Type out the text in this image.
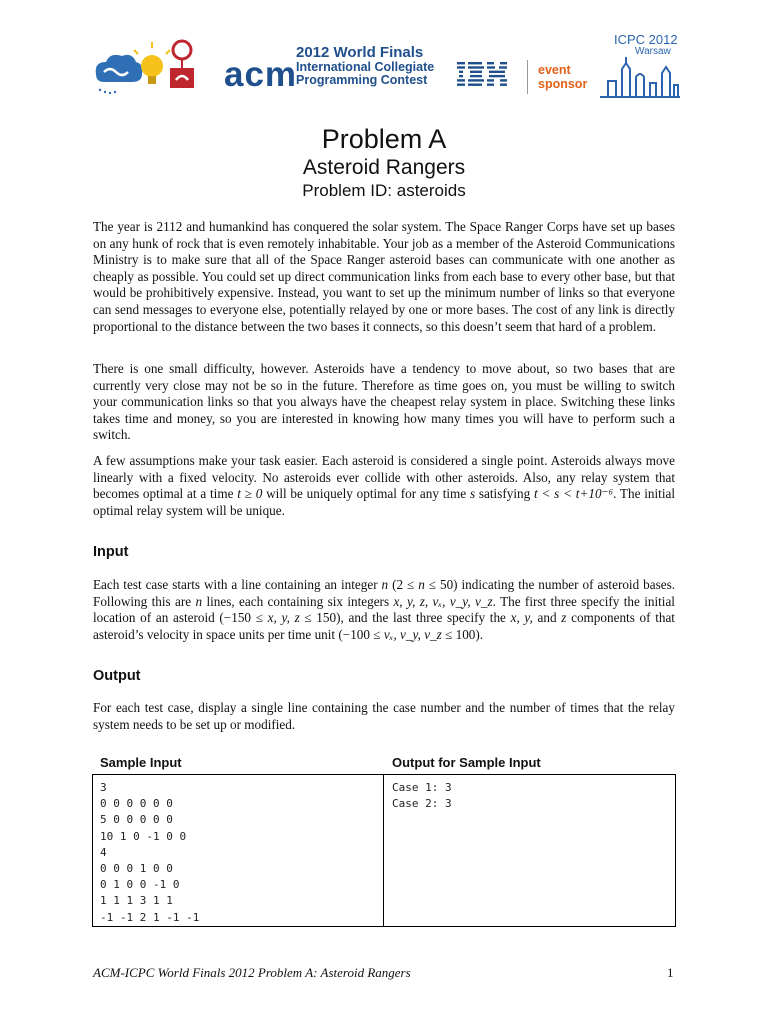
2012 World Finals
acm
International Collegiate
Programming Contest
event
sponsor
ICPC 2012
Warsaw
Problem A
Asteroid Rangers
Problem ID: asteroids

The year is 2112 and humankind has conquered the solar system. The Space Ranger Corps have set up bases on any hunk of rock that is even remotely inhabitable. Your job as a member of the Asteroid Communications Ministry is to make sure that all of the Space Ranger asteroid bases can communicate with one another as cheaply as possible. You could set up direct communication links from each base to every other base, but that would be prohibitively expensive. Instead, you want to set up the minimum number of links so that everyone can send messages to everyone else, potentially relayed by one or more bases. The cost of any link is directly proportional to the distance between the two bases it connects, so this doesn’t seem that hard of a problem.

There is one small difficulty, however. Asteroids have a tendency to move about, so two bases that are currently very close may not be so in the future. Therefore as time goes on, you must be willing to switch your communication links so that you always have the cheapest relay system in place. Switching these links takes time and money, so you are interested in knowing how many times you will have to perform such a switch.

A few assumptions make your task easier. Each asteroid is considered a single point. Asteroids always move linearly with a fixed velocity. No asteroids ever collide with other asteroids. Also, any relay system that becomes optimal at a time t ≥ 0 will be uniquely optimal for any time s satisfying t < s < t+10⁻⁶. The initial optimal relay system will be unique.

Input

Each test case starts with a line containing an integer n (2 ≤ n ≤ 50) indicating the number of asteroid bases. Following this are n lines, each containing six integers x, y, z, vₓ, v_y, v_z. The first three specify the initial location of an asteroid (−150 ≤ x, y, z ≤ 150), and the last three specify the x, y, and z components of that asteroid’s velocity in space units per time unit (−100 ≤ vₓ, v_y, v_z ≤ 100).

Output

For each test case, display a single line containing the case number and the number of times that the relay system needs to be set up or modified.

Sample Input	Output for Sample Input
3
0 0 0 0 0 0
5 0 0 0 0 0
10 1 0 -1 0 0
4
0 0 0 1 0 0
0 1 0 0 -1 0
1 1 1 3 1 1
-1 -1 2 1 -1 -1
Case 1: 3
Case 2: 3
ACM-ICPC World Finals 2012 Problem A: Asteroid Rangers	1
